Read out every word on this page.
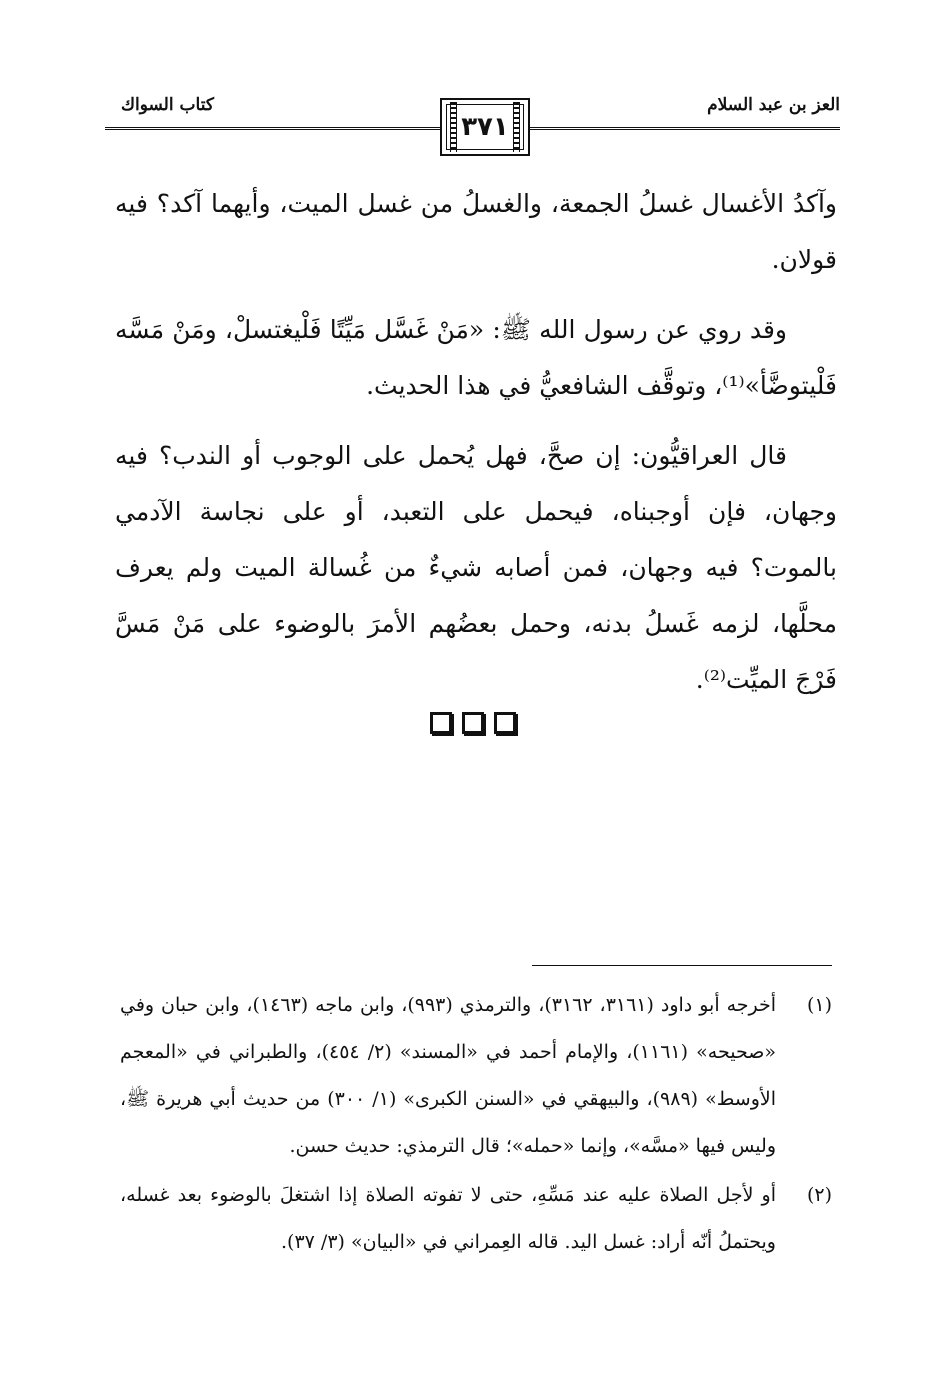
العز بن عبد السلام
كتاب السواك
٣٧١

وآكدُ الأغسال غسلُ الجمعة، والغسلُ من غسل الميت، وأيهما آكد؟ فيه قولان.

وقد روي عن رسول الله ﷺ: «مَنْ غَسَّل مَيِّتًا فَلْيغتسلْ، ومَنْ مَسَّه فَلْيتوضَّأ»⁽¹⁾، وتوقَّف الشافعيُّ في هذا الحديث.

قال العراقيُّون: إن صحَّ، فهل يُحمل على الوجوب أو الندب؟ فيه وجهان، فإن أوجبناه، فيحمل على التعبد، أو على نجاسة الآدمي بالموت؟ فيه وجهان، فمن أصابه شيءٌ من غُسالة الميت ولم يعرف محلَّها، لزمه غَسلُ بدنه، وحمل بعضُهم الأمرَ بالوضوء على مَنْ مَسَّ فَرْجَ الميِّت⁽²⁾.

(١)
أخرجه أبو داود (٣١٦١، ٣١٦٢)، والترمذي (٩٩٣)، وابن ماجه (١٤٦٣)، وابن حبان وفي «صحيحه» (١١٦١)، والإمام أحمد في «المسند» (٢/ ٤٥٤)، والطبراني في «المعجم الأوسط» (٩٨٩)، والبيهقي في «السنن الكبرى» (١/ ٣٠٠) من حديث أبي هريرة ﷺ، وليس فيها «مسَّه»، وإنما «حمله»؛ قال الترمذي: حديث حسن.
(٢)
أو لأجل الصلاة عليه عند مَسِّهِ، حتى لا تفوته الصلاة إذا اشتغلَ بالوضوء بعد غسله، ويحتملُ أنّه أراد: غسل اليد. قاله العِمراني في «البيان» (٣/ ٣٧).
